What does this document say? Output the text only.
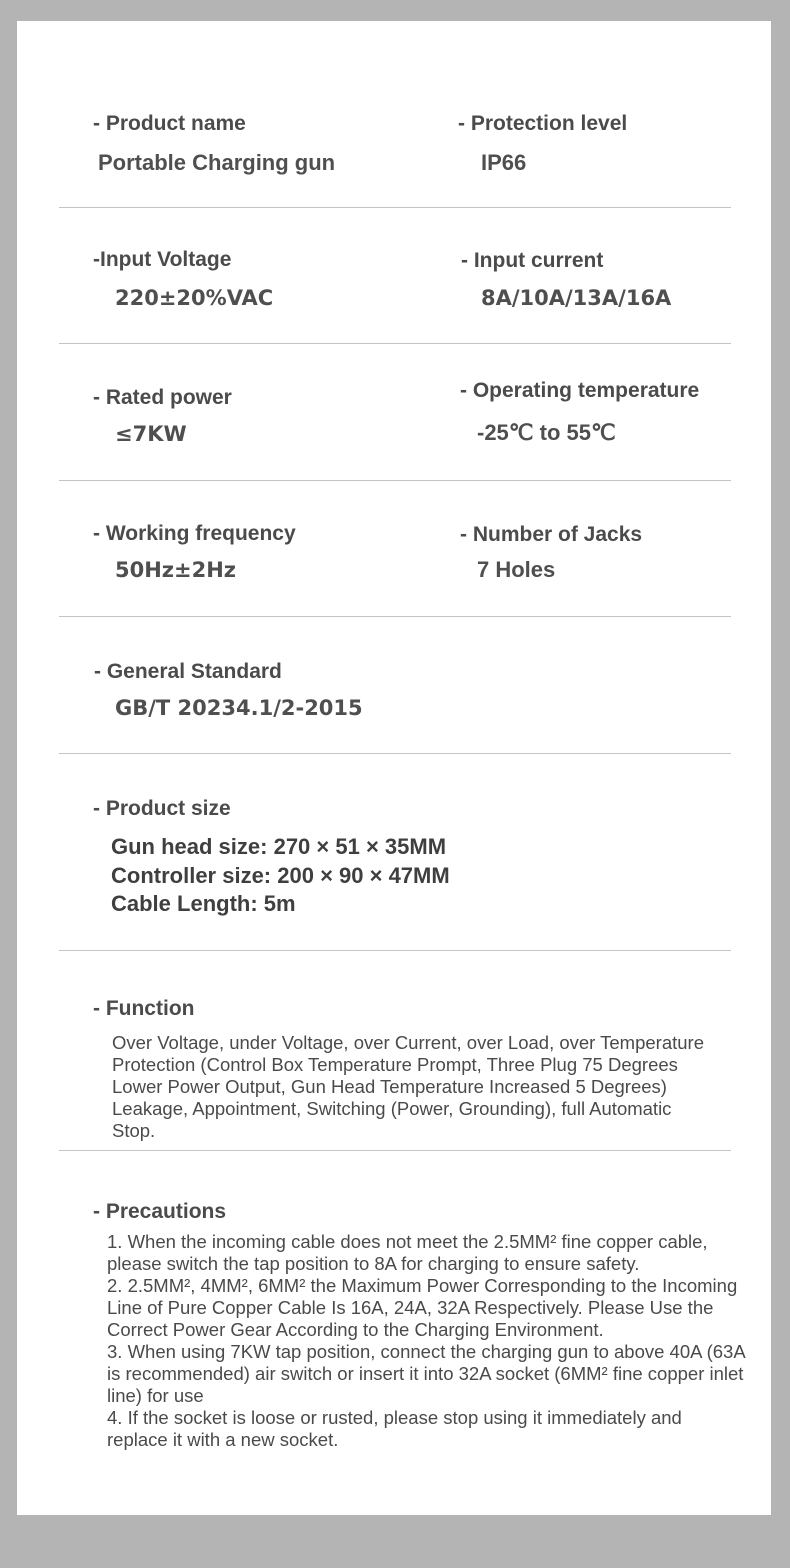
- Product name
Portable Charging gun
- Protection level
IP66
-Input Voltage
220±20%VAC
- Input current
8A/10A/13A/16A
- Rated power
≤7KW
- Operating temperature
-25℃ to 55℃
- Working frequency
50Hz±2Hz
- Number of Jacks
7 Holes
- General Standard
GB/T 20234.1/2-2015
- Product size
Gun head size: 270 × 51 × 35MM
Controller size: 200 × 90 × 47MM
Cable Length: 5m
- Function

Over Voltage, under Voltage, over Current, over Load, over Temperature Protection (Control Box Temperature Prompt, Three Plug 75 Degrees Lower Power Output, Gun Head Temperature Increased 5 Degrees) Leakage, Appointment, Switching (Power, Grounding), full Automatic Stop.

- Precautions

1. When the incoming cable does not meet the 2.5MM² fine copper cable, please switch the tap position to 8A for charging to ensure safety.

2. 2.5MM², 4MM², 6MM² the Maximum Power Corresponding to the Incoming Line of Pure Copper Cable Is 16A, 24A, 32A Respectively. Please Use the Correct Power Gear According to the Charging Environment.

3. When using 7KW tap position, connect the charging gun to above 40A (63A is recommended) air switch or insert it into 32A socket (6MM² fine copper inlet line) for use

4. If the socket is loose or rusted, please stop using it immediately and replace it with a new socket.
